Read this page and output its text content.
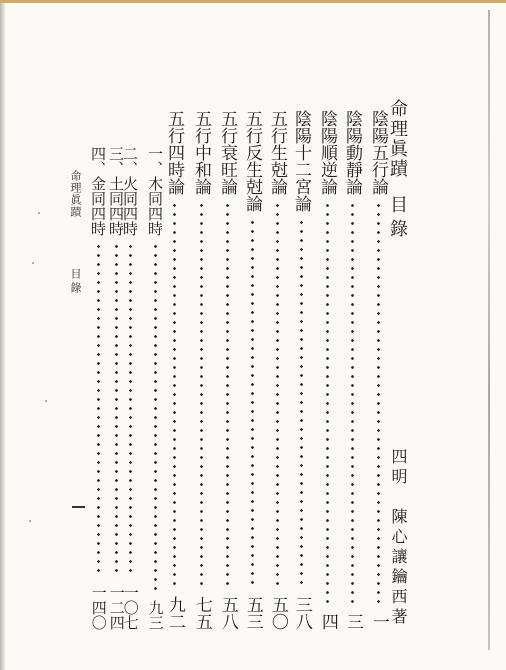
命理眞蹟
目錄
四明　陳心讓鑰西著
陰陽五行論
一
陰陽動靜論
三
陰陽順逆論
四
陰陽十二宮論
三八
五行生尅論
五〇
五行反生尅論
五三
五行衰旺論
五八
五行中和論
七五
五行四時論
九二
一、木同四時
九三
二、火同四時
一〇七
三、土同四時
一二四
四、金同四時
一四〇
命理眞蹟
目錄
